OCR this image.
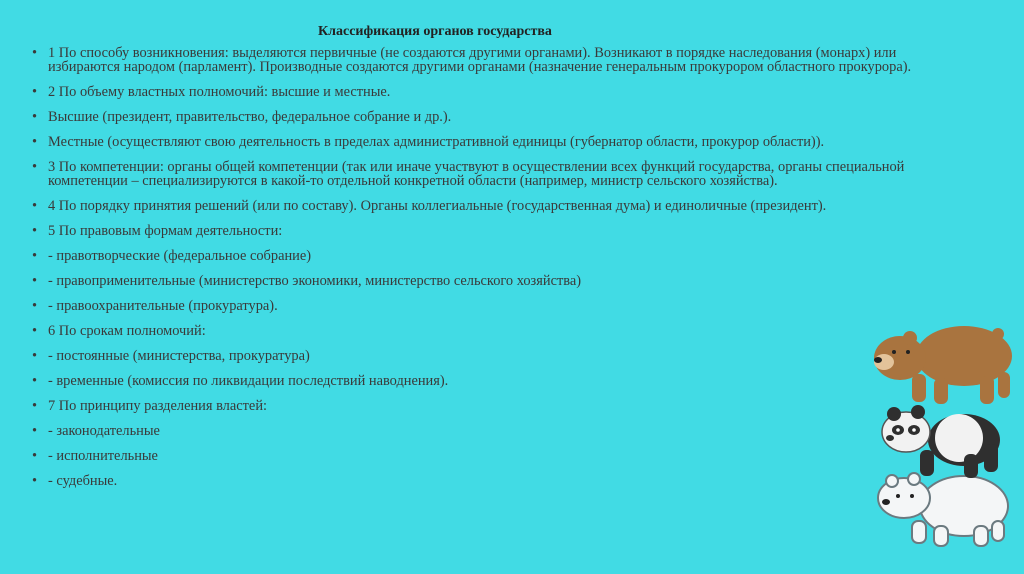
Классификация органов государства
• 1 По способу возникновения: выделяются первичные (не создаются другими органами). Возникают в порядке наследования (монарх) или избираются народом (парламент). Производные создаются другими органами (назначение генеральным прокурором областного прокурора).
• 2 По объему властных полномочий: высшие и местные.
• Высшие (президент, правительство, федеральное собрание и др.).
• Местные (осуществляют свою деятельность в пределах административной единицы (губернатор области, прокурор области)).
• 3 По компетенции: органы общей компетенции (так или иначе участвуют в осуществлении всех функций государства, органы специальной компетенции – специализируются в какой-то отдельной конкретной области (например, министр сельского хозяйства).
• 4 По порядку принятия решений (или по составу). Органы коллегиальные (государственная дума) и единоличные (президент).
• 5 По правовым формам деятельности:
• - правотворческие (федеральное собрание)
• - правоприменительные (министерство экономики, министерство сельского хозяйства)
• - правоохранительные (прокуратура).
• 6 По срокам полномочий:
• - постоянные (министерства, прокуратура)
• - временные (комиссия по ликвидации последствий наводнения).
• 7 По принципу разделения властей:
• - законодательные
• - исполнительные
• - судебные.
